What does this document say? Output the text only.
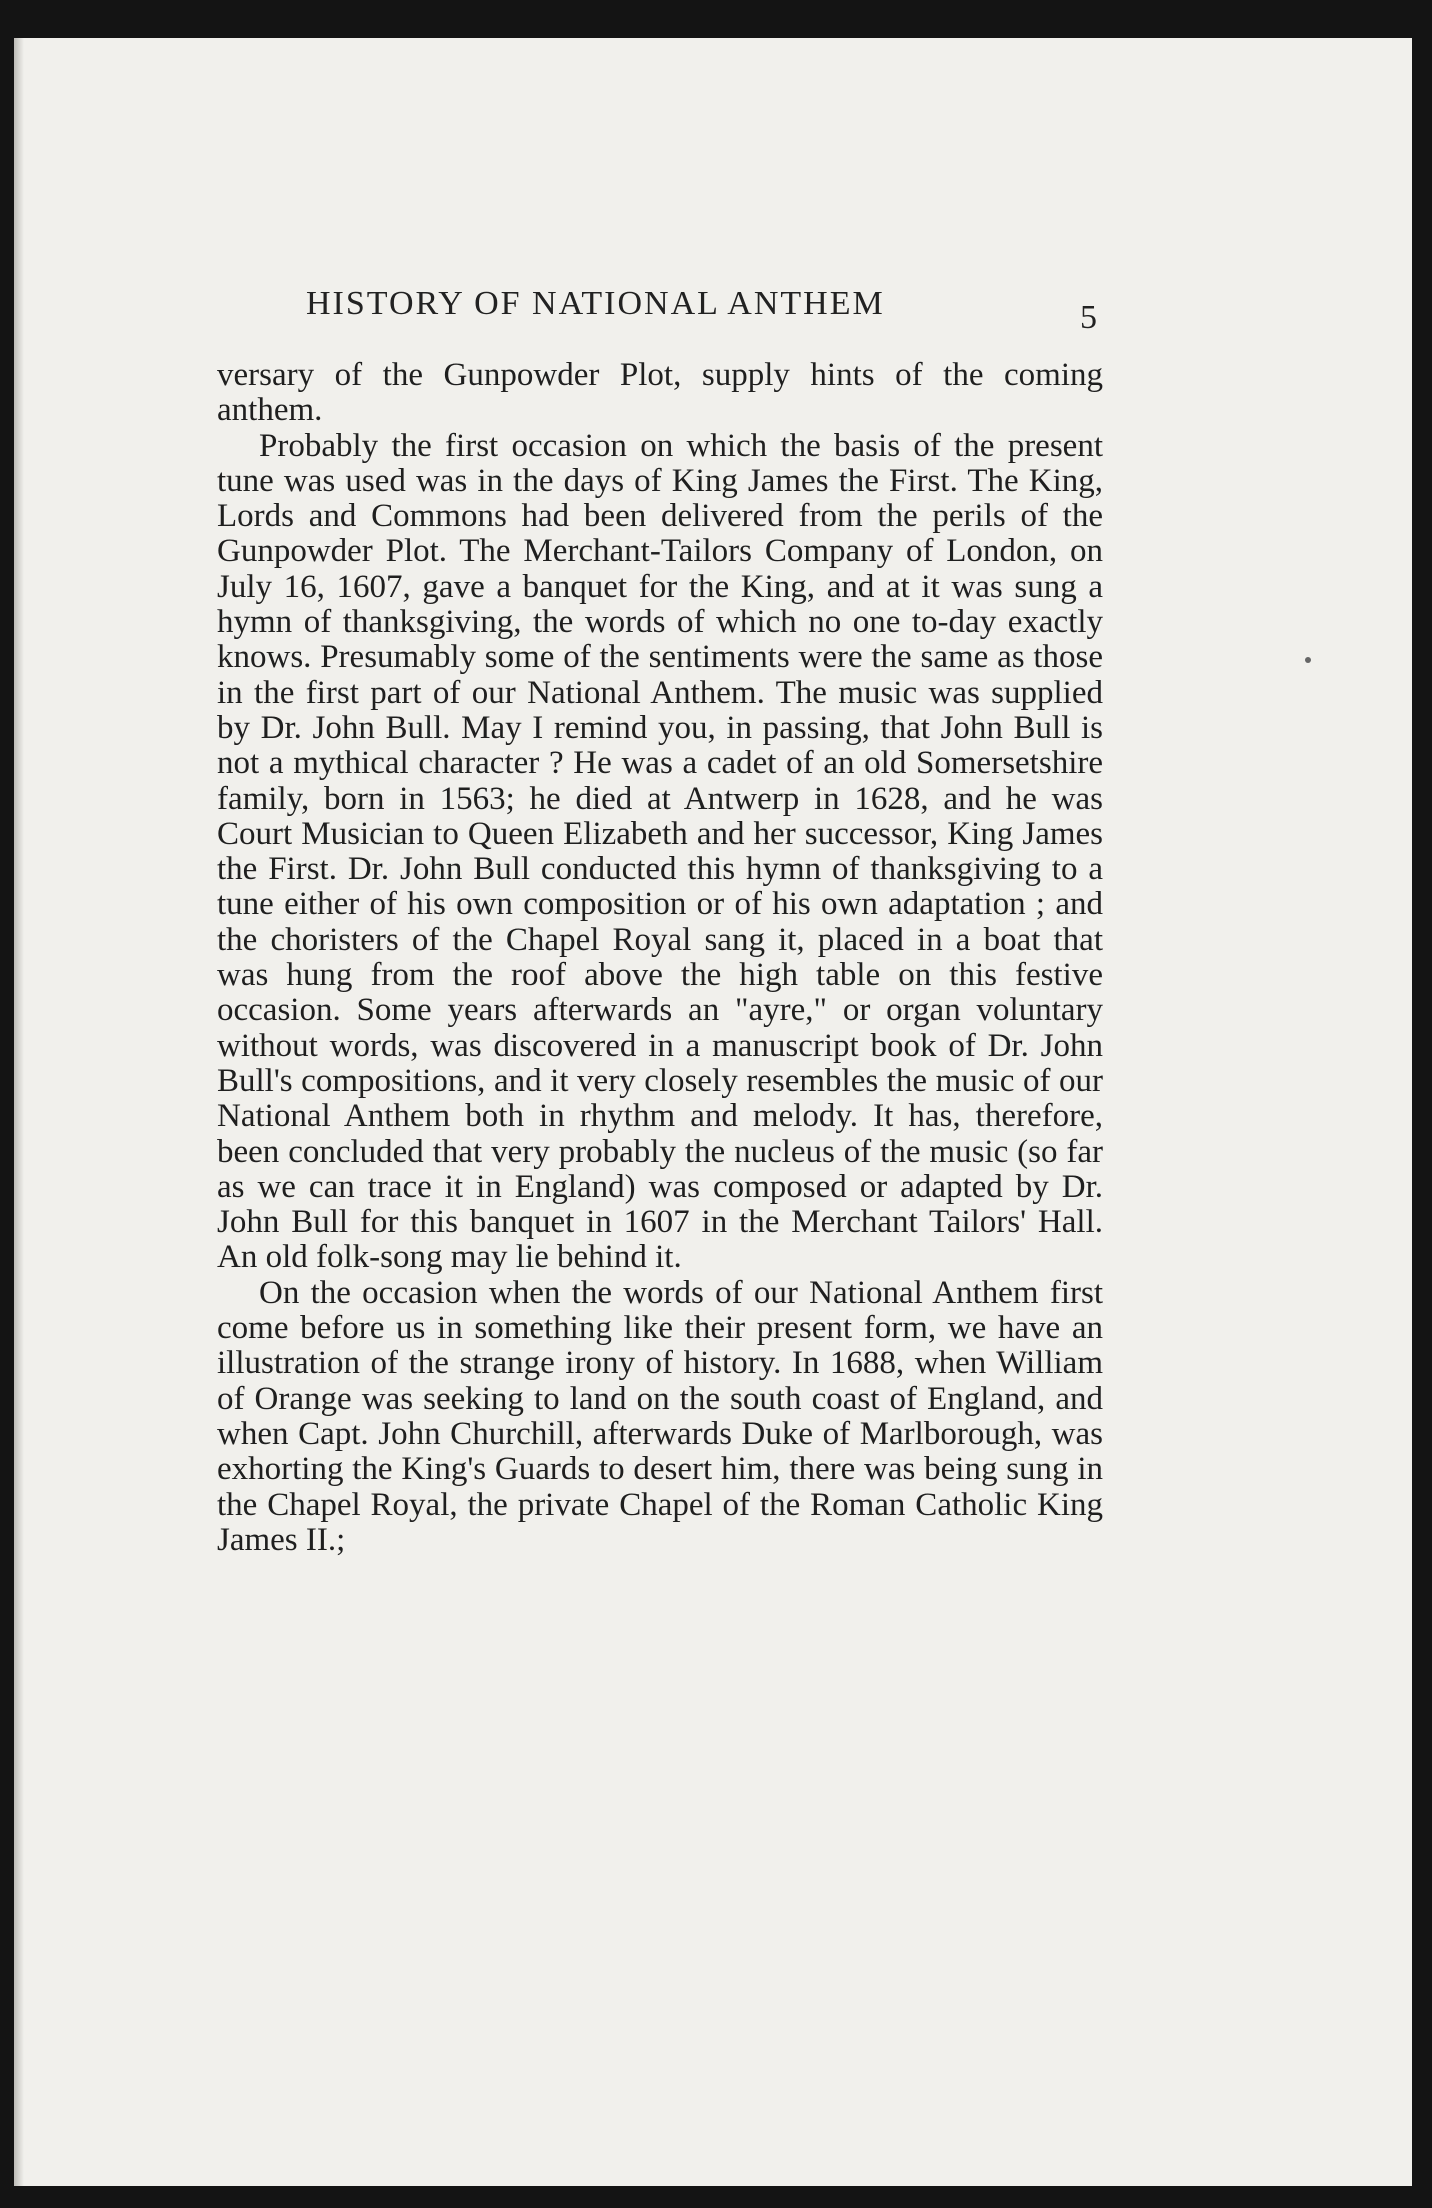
HISTORY OF NATIONAL ANTHEM	5

versary of the Gunpowder Plot, supply hints of the coming anthem.

Probably the first occasion on which the basis of the present tune was used was in the days of King James the First. The King, Lords and Commons had been delivered from the perils of the Gunpowder Plot. The Merchant-Tailors Company of London, on July 16, 1607, gave a banquet for the King, and at it was sung a hymn of thanksgiving, the words of which no one to-day exactly knows. Presumably some of the sentiments were the same as those in the first part of our National Anthem. The music was supplied by Dr. John Bull. May I remind you, in passing, that John Bull is not a mythical character ? He was a cadet of an old Somersetshire family, born in 1563; he died at Antwerp in 1628, and he was Court Musician to Queen Elizabeth and her successor, King James the First. Dr. John Bull conducted this hymn of thanksgiving to a tune either of his own composition or of his own adaptation ; and the choristers of the Chapel Royal sang it, placed in a boat that was hung from the roof above the high table on this festive occasion. Some years afterwards an "ayre," or organ voluntary without words, was discovered in a manuscript book of Dr. John Bull's compositions, and it very closely resembles the music of our National Anthem both in rhythm and melody. It has, therefore, been concluded that very probably the nucleus of the music (so far as we can trace it in England) was composed or adapted by Dr. John Bull for this banquet in 1607 in the Merchant Tailors' Hall. An old folk-song may lie behind it.

On the occasion when the words of our National Anthem first come before us in something like their present form, we have an illustration of the strange irony of history. In 1688, when William of Orange was seeking to land on the south coast of England, and when Capt. John Churchill, afterwards Duke of Marlborough, was exhorting the King's Guards to desert him, there was being sung in the Chapel Royal, the private Chapel of the Roman Catholic King James II.;
